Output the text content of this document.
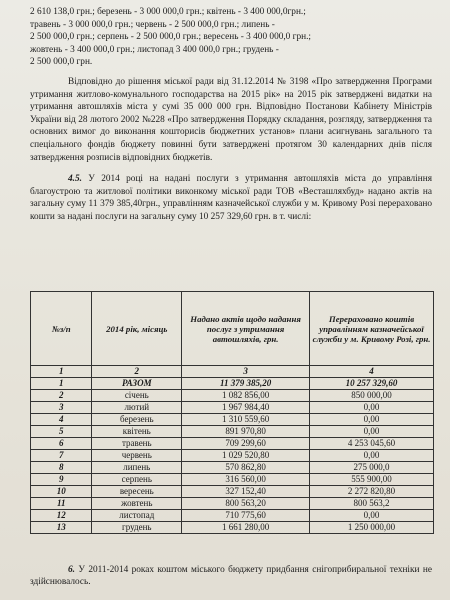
2 610 138,0 грн.; березень - 3 000 000,0 грн.; квітень - 3 400 000,0грн.;

травень - 3 000 000,0 грн.; червень - 2 500 000,0 грн.; липень -

2 500 000,0 грн.; серпень - 2 500 000,0 грн.; вересень - 3 400 000,0 грн.;

жовтень - 3 400 000,0 грн.; листопад 3 400 000,0 грн.; грудень -

2 500 000,0 грн.

Відповідно до рішення міської ради від 31.12.2014 № 3198 «Про затвердження Програми утримання житлово-комунального господарства на 2015 рік» на 2015 рік затверджені видатки на утримання автошляхів міста у сумі 35 000 000 грн. Відповідно Постанови Кабінету Міністрів України від 28 лютого 2002 №228 «Про затвердження Порядку складання, розгляду, затвердження та основних вимог до виконання кошторисів бюджетних установ» плани асигнувань загального та спеціального фондів бюджету повинні бути затверджені протягом 30 календарних днів після затвердження розписів відповідних бюджетів.

4.5. У 2014 році на надані послуги з утримання автошляхів міста до управління благоустрою та житлової політики виконкому міської ради ТОВ «Весташляхбуд» надано актів на загальну суму 11 379 385,40грн., управлінням казначейської служби у м. Кривому Розі перераховано кошти за надані послуги на загальну суму 10 257 329,60 грн. в т. числі:

№з/п	2014 рік, місяць	Надано актів щодо надання послуг з утримання автошляхів, грн.	Перераховано коштів управлінням казначейської служби у м. Кривому Розі, грн.
1	2	3	4
1	РАЗОМ	11 379 385,20	10 257 329,60
2	січень	1 082 856,00	850 000,00
3	лютий	1 967 984,40	0,00
4	березень	1 310 559,60	0,00
5	квітень	891 970,80	0,00
6	травень	709 299,60	4 253 045,60
7	червень	1 029 520,80	0,00
8	липень	570 862,80	275 000,0
9	серпень	316 560,00	555 900,00
10	вересень	327 152,40	2 272 820,80
11	жовтень	800 563,20	800 563,2
12	листопад	710 775,60	0,00
13	грудень	1 661 280,00	1 250 000,00

6. У 2011-2014 роках коштом міського бюджету придбання снігоприбиральної техніки не здійснювалось.
